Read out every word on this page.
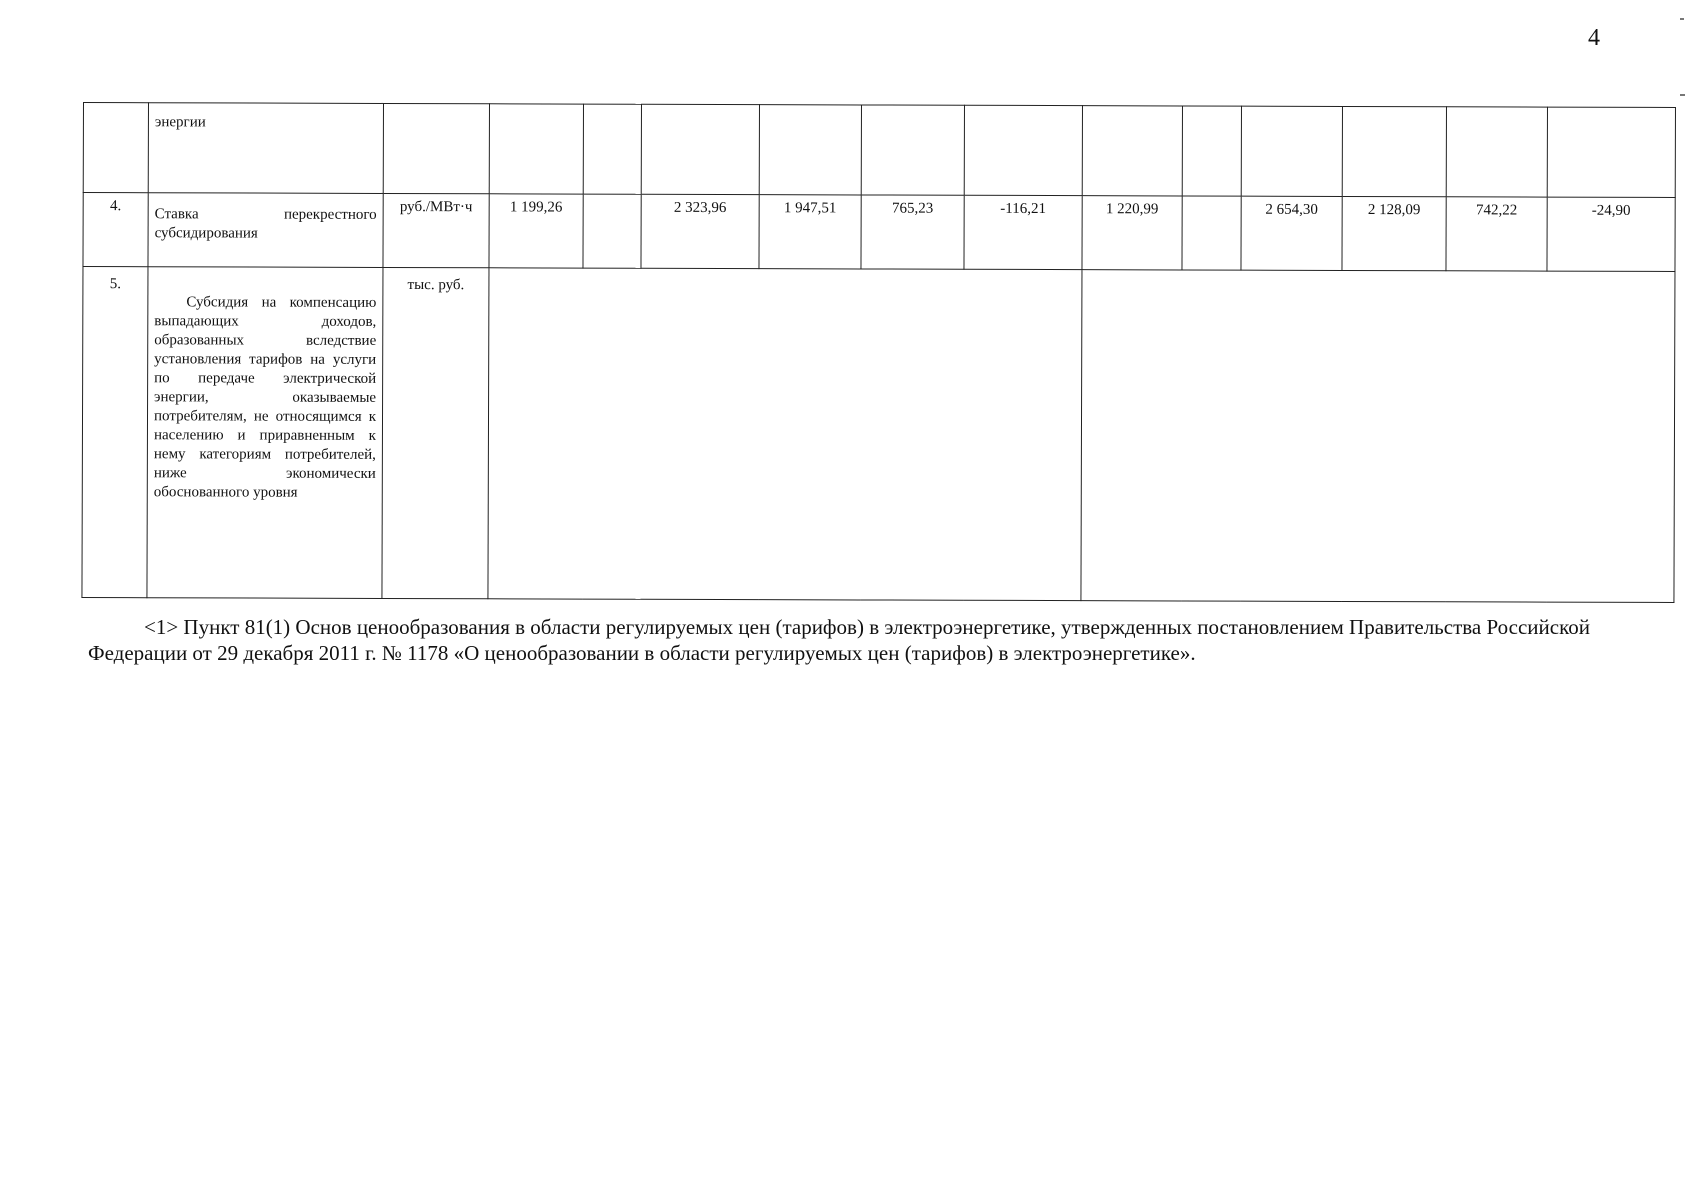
4
	энергии													
4.	Ставка перекрестного субсидирования	руб./МВт·ч	1 199,26		2 323,96	1 947,51	765,23	-116,21	1 220,99		2 654,30	2 128,09	742,22	-24,90
5.	Субсидия на компенсацию выпадающих доходов, образованных вследствие установления тарифов на услуги по передаче электрической энергии, оказываемые потребителям, не относящимся к населению и приравненным к нему категориям потребителей, ниже экономически обоснованного уровня	тыс. руб.												
<1> Пункт 81(1) Основ ценообразования в области регулируемых цен (тарифов) в электроэнергетике, утвержденных постановлением Правительства Российской Федерации от 29 декабря 2011 г. № 1178 «О ценообразовании в области регулируемых цен (тарифов) в электроэнергетике».
